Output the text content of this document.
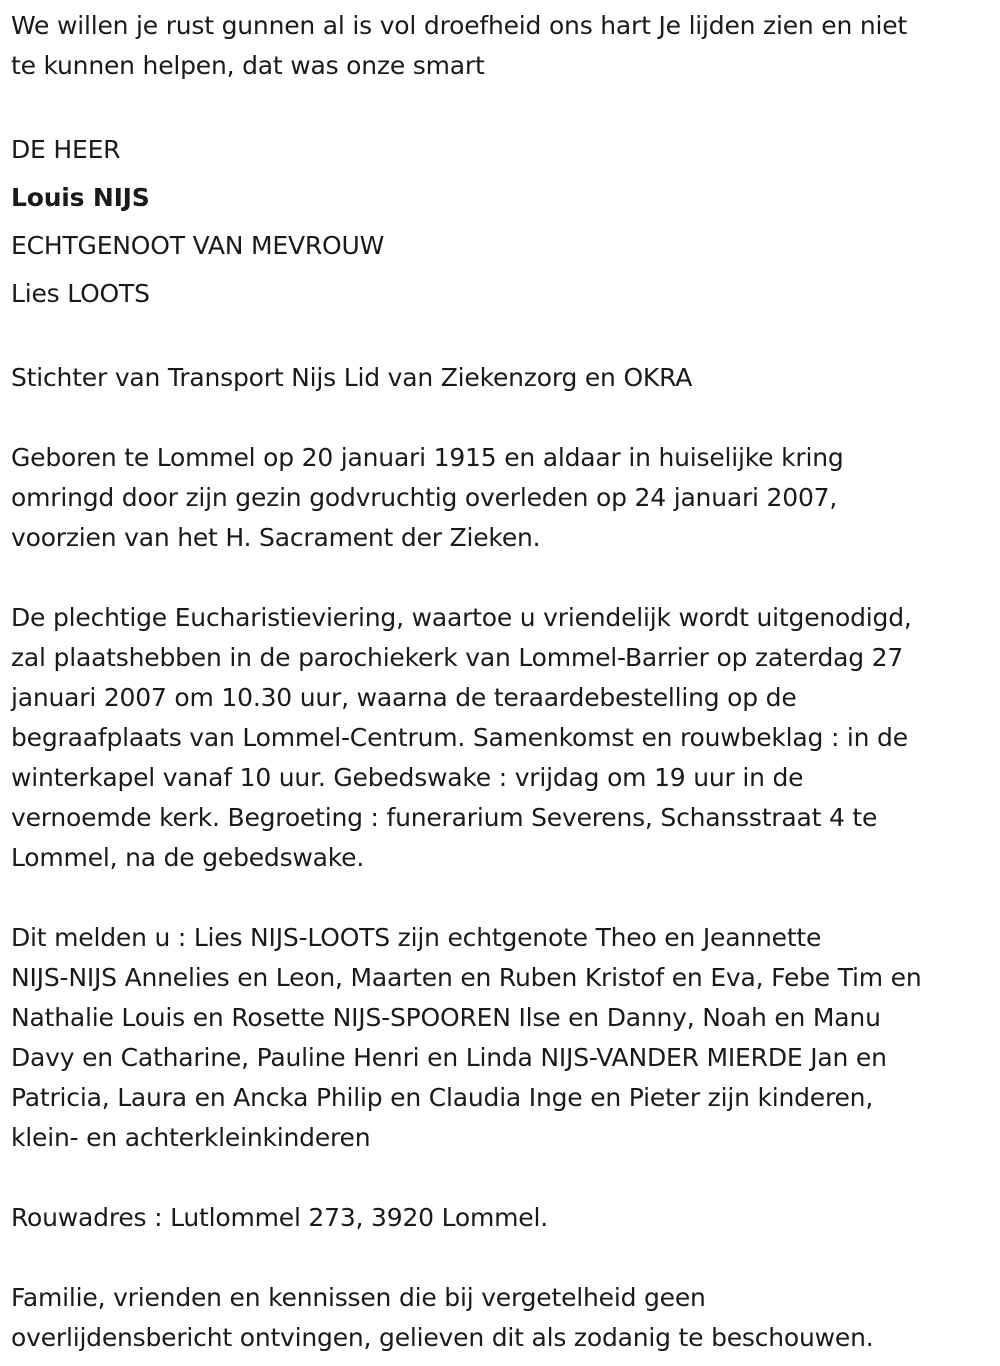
We willen je rust gunnen al is vol droefheid ons hart Je lijden zien en niet
te kunnen helpen, dat was onze smart

DE HEER
Louis NIJS
ECHTGENOOT VAN MEVROUW
Lies LOOTS

Stichter van Transport Nijs Lid van Ziekenzorg en OKRA

Geboren te Lommel op 20 januari 1915 en aldaar in huiselijke kring
omringd door zijn gezin godvruchtig overleden op 24 januari 2007,
voorzien van het H. Sacrament der Zieken.

De plechtige Eucharistieviering, waartoe u vriendelijk wordt uitgenodigd,
zal plaatshebben in de parochiekerk van Lommel-Barrier op zaterdag 27
januari 2007 om 10.30 uur, waarna de teraardebestelling op de
begraafplaats van Lommel-Centrum. Samenkomst en rouwbeklag : in de
winterkapel vanaf 10 uur. Gebedswake : vrijdag om 19 uur in de
vernoemde kerk. Begroeting : funerarium Severens, Schansstraat 4 te
Lommel, na de gebedswake.

Dit melden u : Lies NIJS-LOOTS zijn echtgenote Theo en Jeannette
NIJS-NIJS Annelies en Leon, Maarten en Ruben Kristof en Eva, Febe Tim en
Nathalie Louis en Rosette NIJS-SPOOREN Ilse en Danny, Noah en Manu
Davy en Catharine, Pauline Henri en Linda NIJS-VANDER MIERDE Jan en
Patricia, Laura en Ancka Philip en Claudia Inge en Pieter zijn kinderen,
klein- en achterkleinkinderen

Rouwadres : Lutlommel 273, 3920 Lommel.

Familie, vrienden en kennissen die bij vergetelheid geen
overlijdensbericht ontvingen, gelieven dit als zodanig te beschouwen.
